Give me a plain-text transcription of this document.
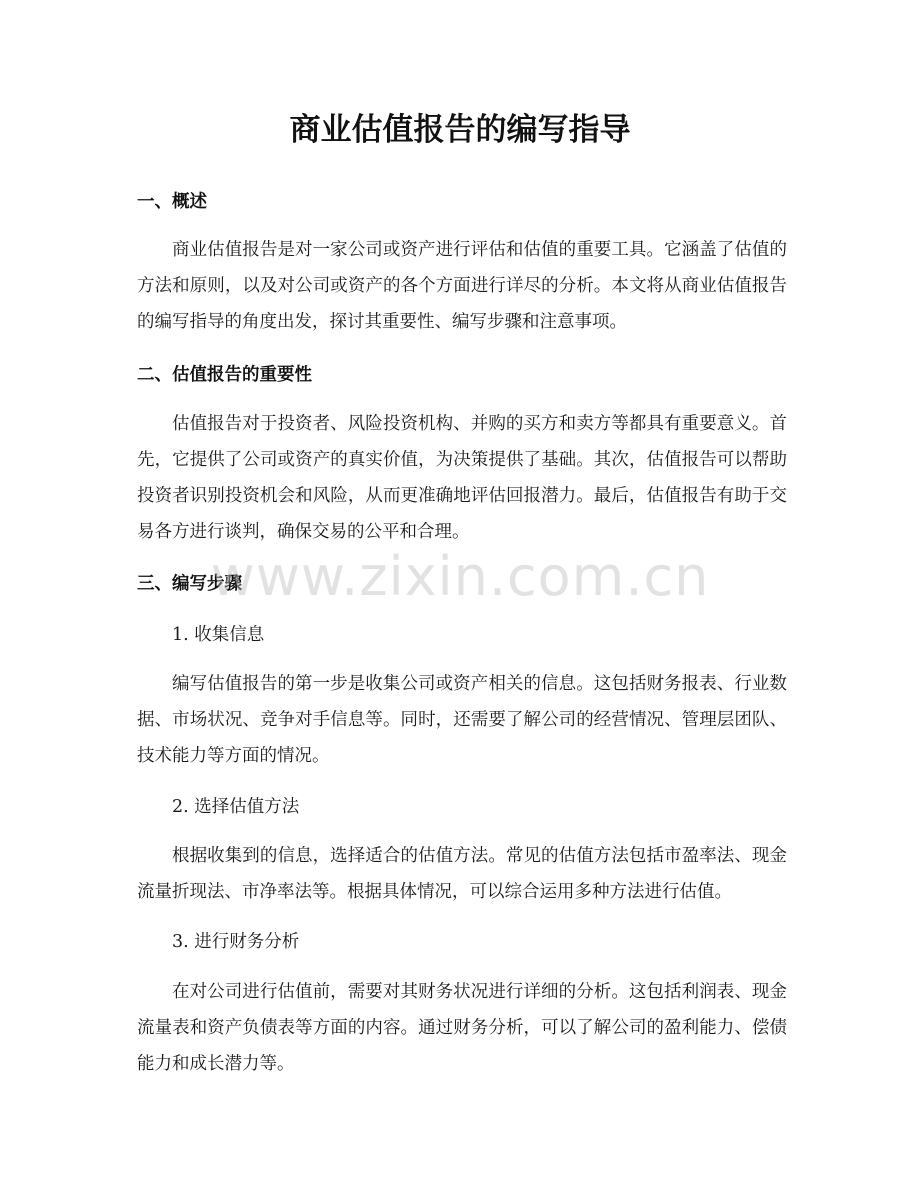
商业估值报告的编写指导
一、概述

商业估值报告是对一家公司或资产进行评估和估值的重要工具。它涵盖了估值的方法和原则，以及对公司或资产的各个方面进行详尽的分析。本文将从商业估值报告的编写指导的角度出发，探讨其重要性、编写步骤和注意事项。

二、估值报告的重要性

估值报告对于投资者、风险投资机构、并购的买方和卖方等都具有重要意义。首先，它提供了公司或资产的真实价值，为决策提供了基础。其次，估值报告可以帮助投资者识别投资机会和风险，从而更准确地评估回报潜力。最后，估值报告有助于交易各方进行谈判，确保交易的公平和合理。

三、编写步骤
1. 收集信息

编写估值报告的第一步是收集公司或资产相关的信息。这包括财务报表、行业数据、市场状况、竞争对手信息等。同时，还需要了解公司的经营情况、管理层团队、技术能力等方面的情况。

2. 选择估值方法

根据收集到的信息，选择适合的估值方法。常见的估值方法包括市盈率法、现金流量折现法、市净率法等。根据具体情况，可以综合运用多种方法进行估值。

3. 进行财务分析

在对公司进行估值前，需要对其财务状况进行详细的分析。这包括利润表、现金流量表和资产负债表等方面的内容。通过财务分析，可以了解公司的盈利能力、偿债能力和成长潜力等。

www.zixin.com.cn
